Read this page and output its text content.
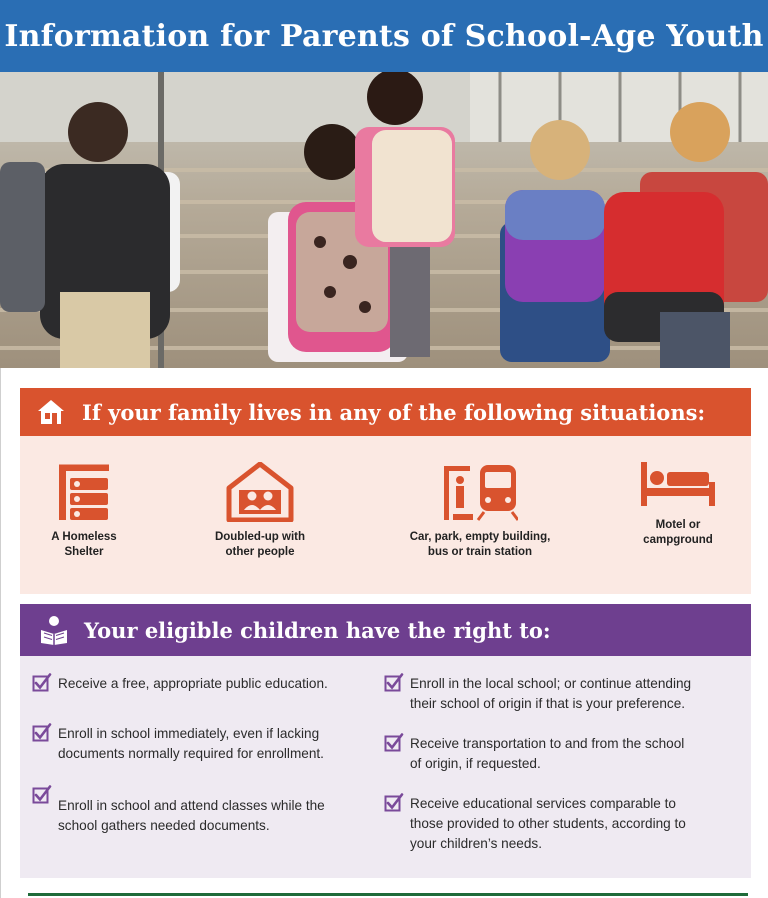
Information for Parents of School-Age Youth
If your family lives in any of the following situations:
A Homeless
Shelter
Doubled-up with
other people
Car, park, empty building,
bus or train station
Motel or
campground
Your eligible children have the right to:
Receive a free, appropriate public education.
Enroll in school immediately, even if lacking
documents normally required for enrollment.
Enroll in school and attend classes while the
school gathers needed documents.
Enroll in the local school; or continue attending
their school of origin if that is your preference.
Receive transportation to and from the school
of origin, if requested.
Receive educational services comparable to
those provided to other students, according to
your children’s needs.
